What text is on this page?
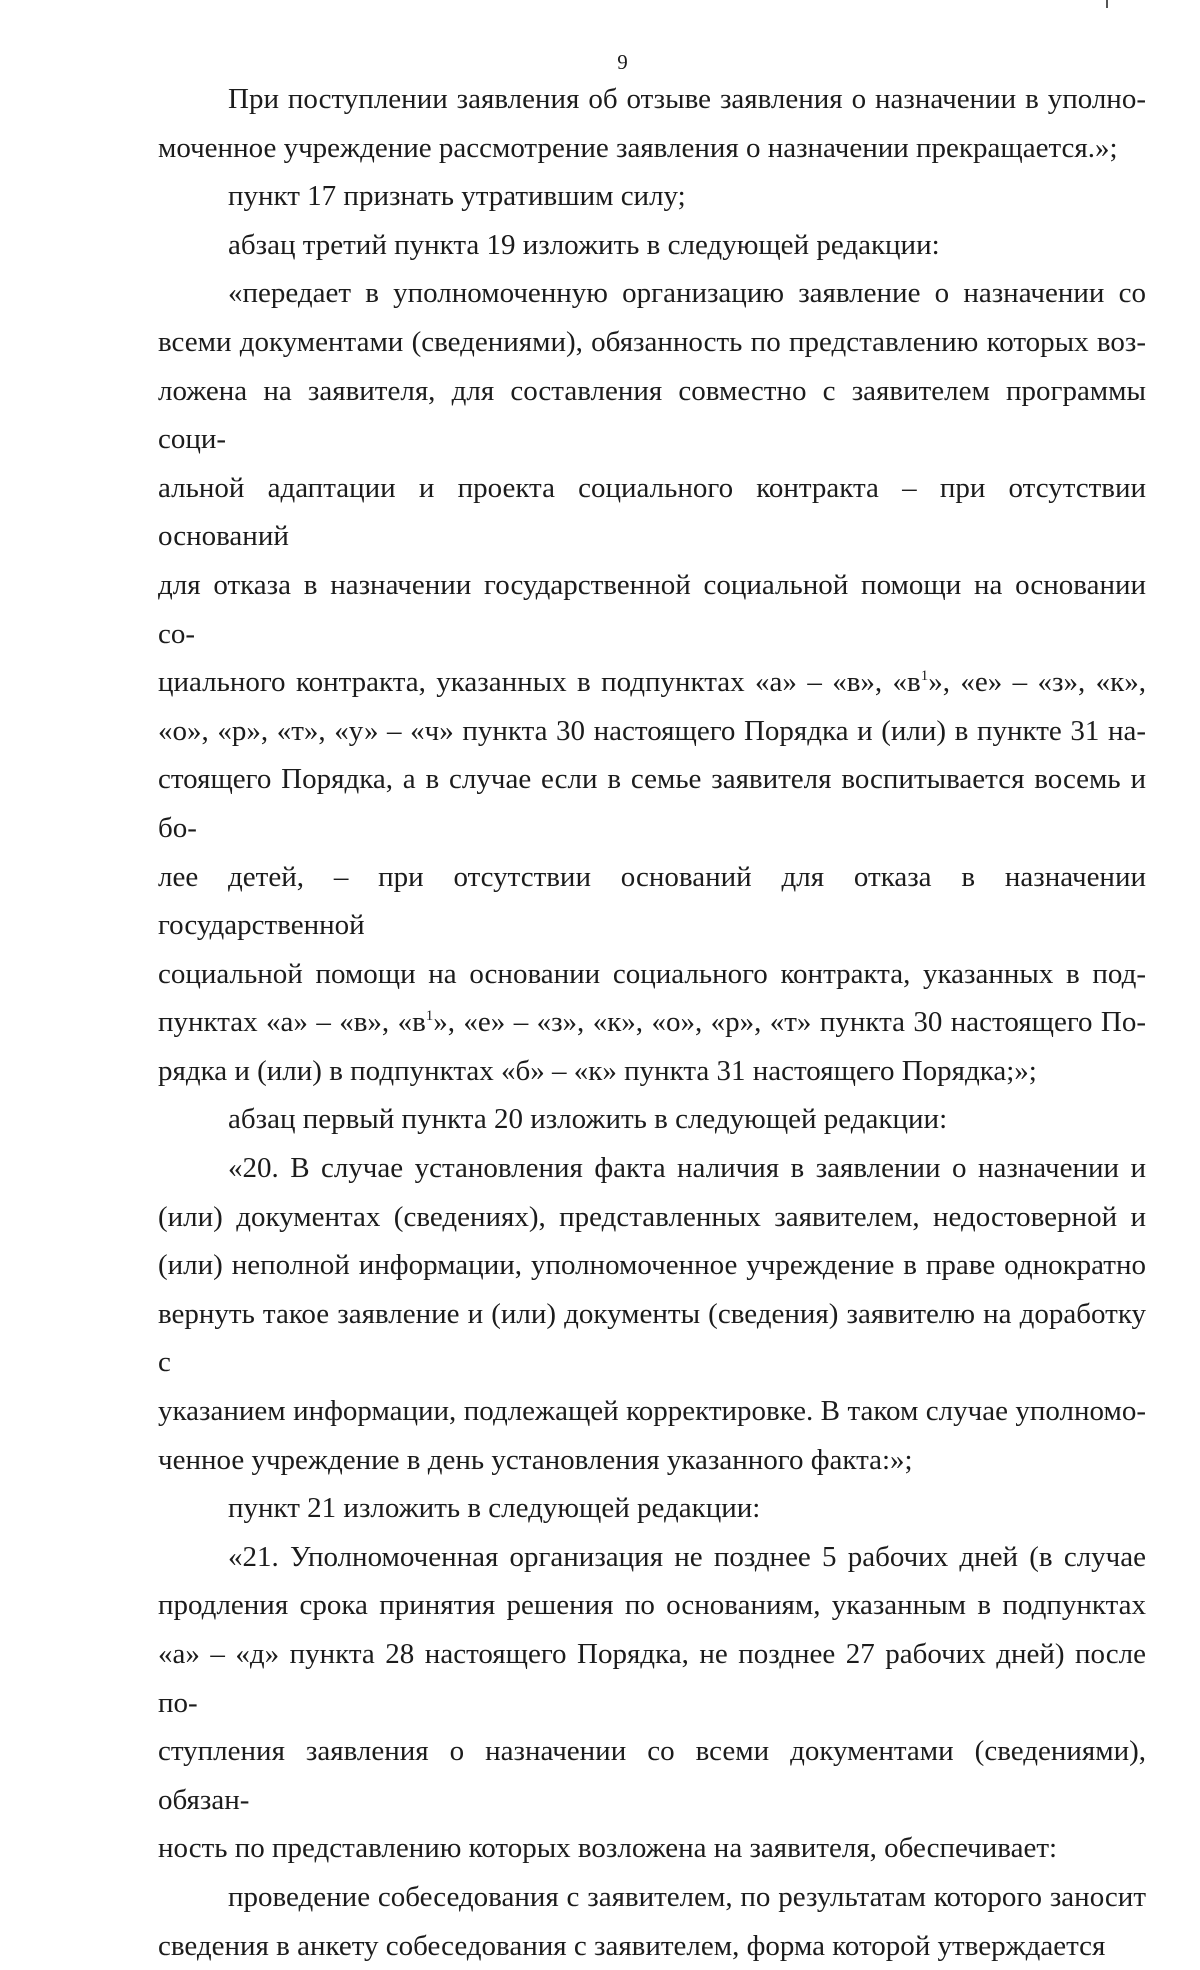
9

При поступлении заявления об отзыве заявления о назначении в уполно-
моченное учреждение рассмотрение заявления о назначении прекращается.»;

пункт 17 признать утратившим силу;

абзац третий пункта 19 изложить в следующей редакции:

«передает в уполномоченную организацию заявление о назначении со
всеми документами (сведениями), обязанность по представлению которых воз-
ложена на заявителя, для составления совместно с заявителем программы соци-
альной адаптации и проекта социального контракта – при отсутствии оснований
для отказа в назначении государственной социальной помощи на основании со-
циального контракта, указанных в подпунктах «а» – «в», «$в^1$», «е» – «з», «к»,
«о», «р», «т», «у» – «ч» пункта 30 настоящего Порядка и (или) в пункте 31 на-
стоящего Порядка, а в случае если в семье заявителя воспитывается восемь и бо-
лее детей, – при отсутствии оснований для отказа в назначении государственной
социальной помощи на основании социального контракта, указанных в под-
пунктах «а» – «в», «$в^1$», «е» – «з», «к», «о», «р», «т» пункта 30 настоящего По-
рядка и (или) в подпунктах «б» – «к» пункта 31 настоящего Порядка;»;

абзац первый пункта 20 изложить в следующей редакции:

«20. В случае установления факта наличия в заявлении о назначении и
(или) документах (сведениях), представленных заявителем, недостоверной и
(или) неполной информации, уполномоченное учреждение в праве однократно
вернуть такое заявление и (или) документы (сведения) заявителю на доработку с
указанием информации, подлежащей корректировке. В таком случае уполномо-
ченное учреждение в день установления указанного факта:»;

пункт 21 изложить в следующей редакции:

«21. Уполномоченная организация не позднее 5 рабочих дней (в случае
продления срока принятия решения по основаниям, указанным в подпунктах
«а» – «д» пункта 28 настоящего Порядка, не позднее 27 рабочих дней) после по-
ступления заявления о назначении со всеми документами (сведениями), обязан-
ность по представлению которых возложена на заявителя, обеспечивает:

проведение собеседования с заявителем, по результатам которого заносит
сведения в анкету собеседования с заявителем, форма которой утверждается
